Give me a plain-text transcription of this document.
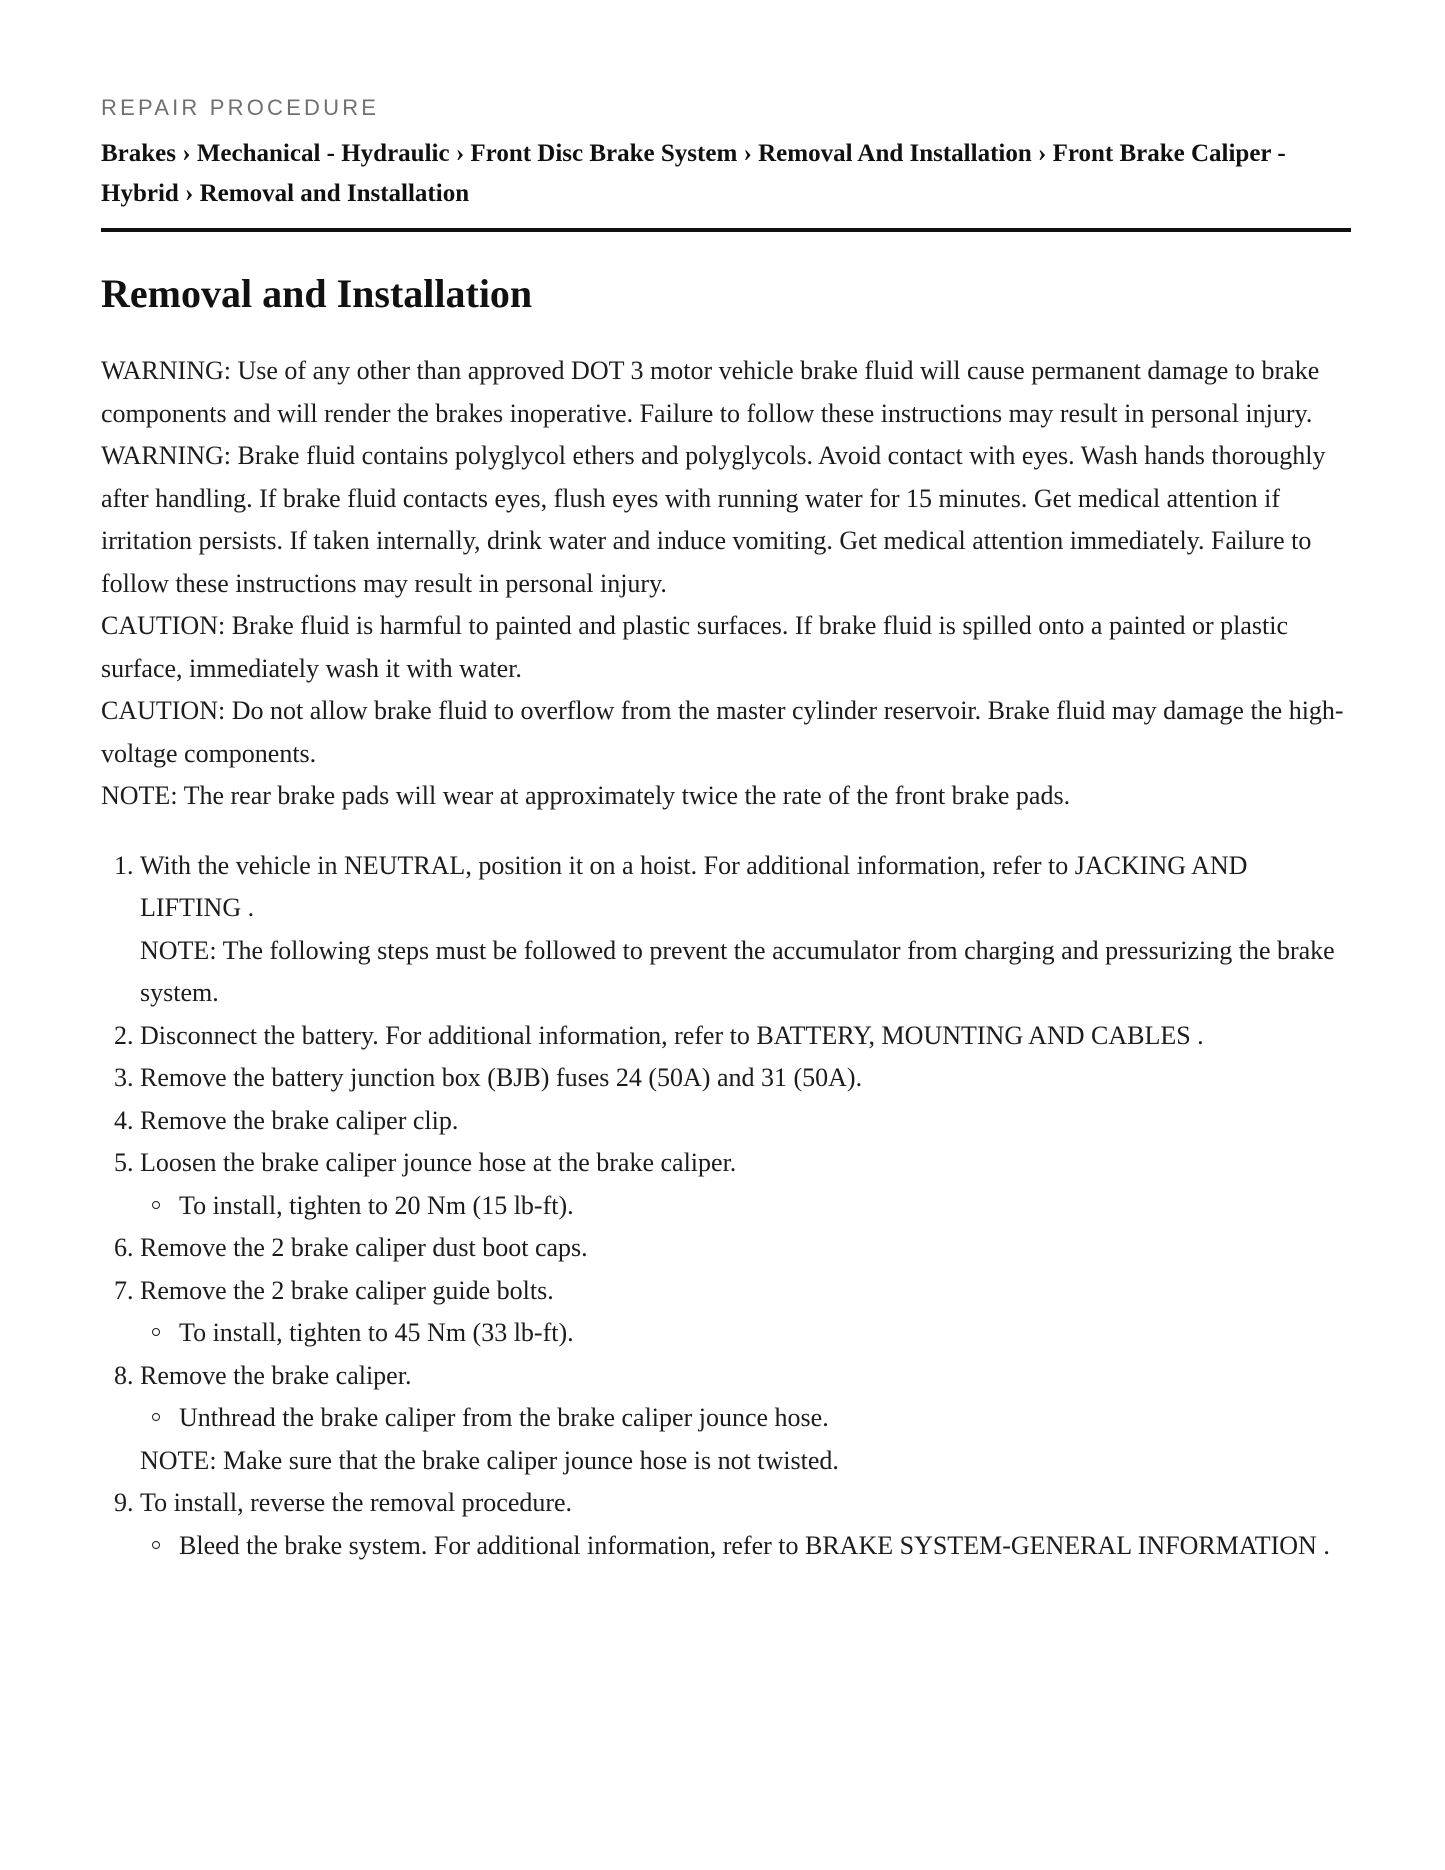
REPAIR PROCEDURE
Brakes › Mechanical - Hydraulic › Front Disc Brake System › Removal And Installation › Front Brake Caliper - Hybrid › Removal and Installation
Removal and Installation

WARNING: Use of any other than approved DOT 3 motor vehicle brake fluid will cause permanent damage to brake components and will render the brakes inoperative. Failure to follow these instructions may result in personal injury.

WARNING: Brake fluid contains polyglycol ethers and polyglycols. Avoid contact with eyes. Wash hands thoroughly after handling. If brake fluid contacts eyes, flush eyes with running water for 15 minutes. Get medical attention if irritation persists. If taken internally, drink water and induce vomiting. Get medical attention immediately. Failure to follow these instructions may result in personal injury.

CAUTION: Brake fluid is harmful to painted and plastic surfaces. If brake fluid is spilled onto a painted or plastic surface, immediately wash it with water.

CAUTION: Do not allow brake fluid to overflow from the master cylinder reservoir. Brake fluid may damage the high-voltage components.

NOTE: The rear brake pads will wear at approximately twice the rate of the front brake pads.

1. With the vehicle in NEUTRAL, position it on a hoist. For additional information, refer to JACKING AND LIFTING .
NOTE: The following steps must be followed to prevent the accumulator from charging and pressurizing the brake system.
2. Disconnect the battery. For additional information, refer to BATTERY, MOUNTING AND CABLES .
3. Remove the battery junction box (BJB) fuses 24 (50A) and 31 (50A).
4. Remove the brake caliper clip.
5. Loosen the brake caliper jounce hose at the brake caliper.
To install, tighten to 20 Nm (15 lb-ft).
6. Remove the 2 brake caliper dust boot caps.
7. Remove the 2 brake caliper guide bolts.
To install, tighten to 45 Nm (33 lb-ft).
8. Remove the brake caliper.
Unthread the brake caliper from the brake caliper jounce hose.
NOTE: Make sure that the brake caliper jounce hose is not twisted.
9. To install, reverse the removal procedure.
Bleed the brake system. For additional information, refer to BRAKE SYSTEM-GENERAL INFORMATION .
